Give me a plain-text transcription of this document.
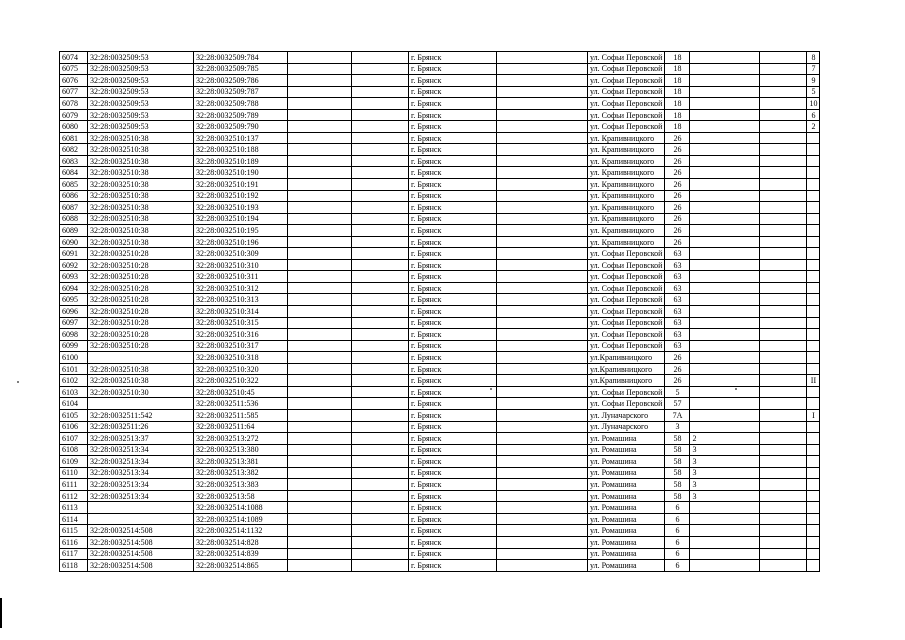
6074	32:28:0032509:53	32:28:0032509:784			г. Брянск		ул. Софьи Перовской	18			8
6075	32:28:0032509:53	32:28:0032509:785			г. Брянск		ул. Софьи Перовской	18			7
6076	32:28:0032509:53	32:28:0032509:786			г. Брянск		ул. Софьи Перовской	18			9
6077	32:28:0032509:53	32:28:0032509:787			г. Брянск		ул. Софьи Перовской	18			5
6078	32:28:0032509:53	32:28:0032509:788			г. Брянск		ул. Софьи Перовской	18			10
6079	32:28:0032509:53	32:28:0032509:789			г. Брянск		ул. Софьи Перовской	18			6
6080	32:28:0032509:53	32:28:0032509:790			г. Брянск		ул. Софьи Перовской	18			2
6081	32:28:0032510:38	32:28:0032510:137			г. Брянск		ул. Крапивницкого	26			
6082	32:28:0032510:38	32:28:0032510:188			г. Брянск		ул. Крапивницкого	26			
6083	32:28:0032510:38	32:28:0032510:189			г. Брянск		ул. Крапивницкого	26			
6084	32:28:0032510:38	32:28:0032510:190			г. Брянск		ул. Крапивницкого	26			
6085	32:28:0032510:38	32:28:0032510:191			г. Брянск		ул. Крапивницкого	26			
6086	32:28:0032510:38	32:28:0032510:192			г. Брянск		ул. Крапивницкого	26			
6087	32:28:0032510:38	32:28:0032510:193			г. Брянск		ул. Крапивницкого	26			
6088	32:28:0032510:38	32:28:0032510:194			г. Брянск		ул. Крапивницкого	26			
6089	32:28:0032510:38	32:28:0032510:195			г. Брянск		ул. Крапивницкого	26			
6090	32:28:0032510:38	32:28:0032510:196			г. Брянск		ул. Крапивницкого	26			
6091	32:28:0032510:28	32:28:0032510:309			г. Брянск		ул. Софьи Перовской	63			
6092	32:28:0032510:28	32:28:0032510:310			г. Брянск		ул. Софьи Перовской	63			
6093	32:28:0032510:28	32:28:0032510:311			г. Брянск		ул. Софьи Перовской	63			
6094	32:28:0032510:28	32:28:0032510:312			г. Брянск		ул. Софьи Перовской	63			
6095	32:28:0032510:28	32:28:0032510:313			г. Брянск		ул. Софьи Перовской	63			
6096	32:28:0032510:28	32:28:0032510:314			г. Брянск		ул. Софьи Перовской	63			
6097	32:28:0032510:28	32:28:0032510:315			г. Брянск		ул. Софьи Перовской	63			
6098	32:28:0032510:28	32:28:0032510:316			г. Брянск		ул. Софьи Перовской	63			
6099	32:28:0032510:28	32:28:0032510:317			г. Брянск		ул. Софьи Перовской	63			
6100		32:28:0032510:318			г. Брянск		ул.Крапивницкого	26			
6101	32:28:0032510:38	32:28:0032510:320			г. Брянск		ул.Крапивницкого	26			
6102	32:28:0032510:38	32:28:0032510:322			г. Брянск		ул.Крапивницкого	26			II
6103	32:28:0032510:30	32:28:0032510:45			г. Брянск		ул. Софьи Перовской	5			
6104		32:28:0032511:536			г. Брянск		ул. Софьи Перовской	57			
6105	32:28:0032511:542	32:28:0032511:585			г. Брянск		ул. Луначарского	7А			I
6106	32:28:0032511:26	32:28:0032511:64			г. Брянск		ул. Луначарского	3			
6107	32:28:0032513:37	32:28:0032513:272			г. Брянск		ул. Ромашина	58	2		
6108	32:28:0032513:34	32:28:0032513:380			г. Брянск		ул. Ромашина	58	3		
6109	32:28:0032513:34	32:28:0032513:381			г. Брянск		ул. Ромашина	58	3		
6110	32:28:0032513:34	32:28:0032513:382			г. Брянск		ул. Ромашина	58	3		
6111	32:28:0032513:34	32:28:0032513:383			г. Брянск		ул. Ромашина	58	3		
6112	32:28:0032513:34	32:28:0032513:58			г. Брянск		ул. Ромашина	58	3		
6113		32:28:0032514:1088			г. Брянск		ул. Ромашина	6			
6114		32:28:0032514:1089			г. Брянск		ул. Ромашина	6			
6115	32:28:0032514:508	32:28:0032514:1132			г. Брянск		ул. Ромашина	6			
6116	32:28:0032514:508	32:28:0032514:828			г. Брянск		ул. Ромашина	6			
6117	32:28:0032514:508	32:28:0032514:839			г. Брянск		ул. Ромашина	6			
6118	32:28:0032514:508	32:28:0032514:865			г. Брянск		ул. Ромашина	6			
